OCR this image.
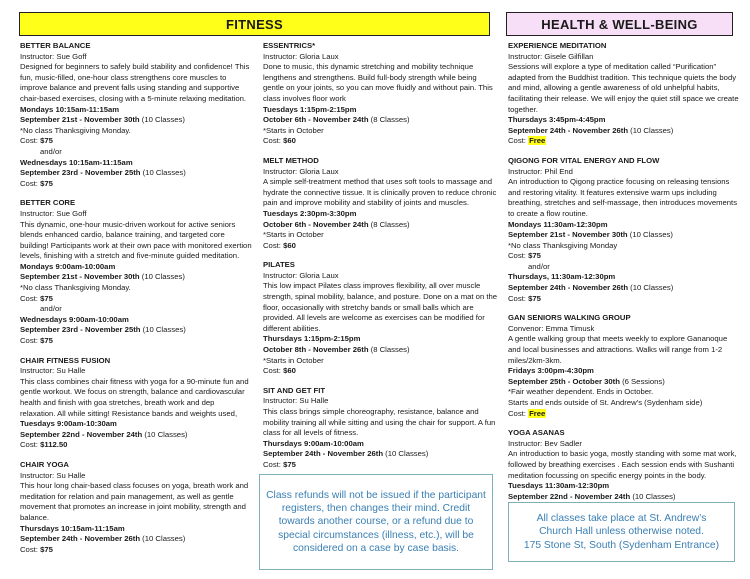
FITNESS	HEALTH & WELL-BEING

BETTER BALANCE

Instructor: Sue Goff

Designed for beginners to safely build stability and confidence! This fun, music-filled, one-hour class strengthens core muscles to improve balance and prevent falls using standing and supportive chair-based exercises, closing with a 5-minute relaxing meditation.

Mondays 10:15am-11:15am

September 21st - November 30th (10 Classes)

*No class Thanksgiving Monday.

Cost: $75

and/or

Wednesdays 10:15am-11:15am

September 23rd - November 25th (10 Classes)

Cost: $75

BETTER CORE

Instructor: Sue Goff

This dynamic, one-hour music-driven workout for active seniors blends enhanced cardio, balance training, and targeted core building! Participants work at their own pace with monitored exertion levels, finishing with a stretch and five-minute guided meditation.

Mondays 9:00am-10:00am

September 21st - November 30th (10 Classes)

*No class Thanksgiving Monday.

Cost: $75

and/or

Wednesdays 9:00am-10:00am

September 23rd - November 25th (10 Classes)

Cost: $75

CHAIR FITNESS FUSION

Instructor: Su Halle

This class combines chair fitness with yoga for a 90-minute fun and gentle workout. We focus on strength, balance and cardiovascular health and finish with goa stretches, breath work and dep relaxation. All while sitting! Resistance bands and weights used,

Tuesdays 9:00am-10:30am

September 22nd - November 24th (10 Classes)

Cost: $112.50

CHAIR YOGA

Instructor: Su Halle

This hour long chair-based class focuses on yoga, breath work and meditation for relation and pain management, as well as gentle movement that promotes an increase in joint mobility, strength and balance.

Thursdays 10:15am-11:15am

September 24th - November 26th (10 Classes)

Cost: $75

ESSENTRICS*

Instructor: Gloria Laux

Done to music, this dynamic stretching and mobility technique lengthens and strengthens. Build full-body strength while being gentle on your joints, so you can move fluidly and without pain. This class involves floor work

Tuesdays 1:15pm-2:15pm

October 6th - November 24th (8 Classes)

*Starts in October

Cost: $60

MELT METHOD

Instructor: Gloria Laux

A simple self-treatment method that uses soft tools to massage and hydrate the connective tissue. It is clinically proven to reduce chronic pain and improve mobility and stability of joints and muscles.

Tuesdays 2:30pm-3:30pm

October 6th - November 24th (8 Classes)

*Starts in October

Cost: $60

PILATES

Instructor: Gloria Laux

This low impact Pilates class improves flexibility, all over muscle strength, spinal mobility, balance, and posture. Done on a mat on the floor, occasionally with stretchy bands or small balls which are provided. All levels are welcome as exercises can be modified for different abilities.

Thursdays 1:15pm-2:15pm

October 8th - November 26th (8 Classes)

*Starts in October

Cost: $60

SIT AND GET FIT

Instructor: Su Halle

This class brings simple choreography, resistance, balance and mobility training all while sitting and using the chair for support. A fun class for all levels of fitness.

Thursdays 9:00am-10:00am

September 24th - November 26th (10 Classes)

Cost: $75

EXPERIENCE MEDITATION

Instructor: Gisele Gilfillan

Sessions will explore a type of meditation called “Purification” adapted from the Buddhist tradition. This technique quiets the body and mind, allowing a gentle awareness of old unhelpful habits, facilitating their release. We will enjoy the quiet still space we create together.

Thursdays 3:45pm-4:45pm

September 24th - November 26th (10 Classes)

Cost: Free

QIGONG FOR VITAL ENERGY AND FLOW

Instructor: Phil End

An introduction to Qigong practice focusing on releasing tensions and restoring vitality. It features extensive warm ups including breathing, stretches and self-massage, then introduces movements to create a flow routine.

Mondays 11:30am-12:30pm

September 21st - November 30th (10 Classes)

*No class Thanksgiving Monday

Cost: $75

and/or

Thursdays, 11:30am-12:30pm

September 24th - November 26th (10 Classes)

Cost: $75

GAN SENIORS WALKING GROUP

Convenor: Emma Timusk

A gentle walking group that meets weekly to explore Gananoque and local businesses and attractions. Walks will range from 1-2 miles/2km-3km.

Fridays 3:00pm-4:30pm

September 25th - October 30th (6 Sessions)

*Fair weather dependent. Ends in October.

Starts and ends outside of St. Andrew’s (Sydenham side)

Cost: Free

YOGA ASANAS

Instructor: Bev Sadler

An introduction to basic yoga, mostly standing with some mat work, followed by breathing exercises . Each session ends with Sushanti meditation focussing on specific energy points in the body.

Tuesdays 11:30am-12:30pm

September 22nd - November 24th (10 Classes)

Class refunds will not be issued if the participant registers, then changes their mind. Credit towards another course, or a refund due to special circumstances (illness, etc.), will be considered on a case by case basis.
All classes take place at St. Andrew’s
Church Hall unless otherwise noted.
175 Stone St, South (Sydenham Entrance)
